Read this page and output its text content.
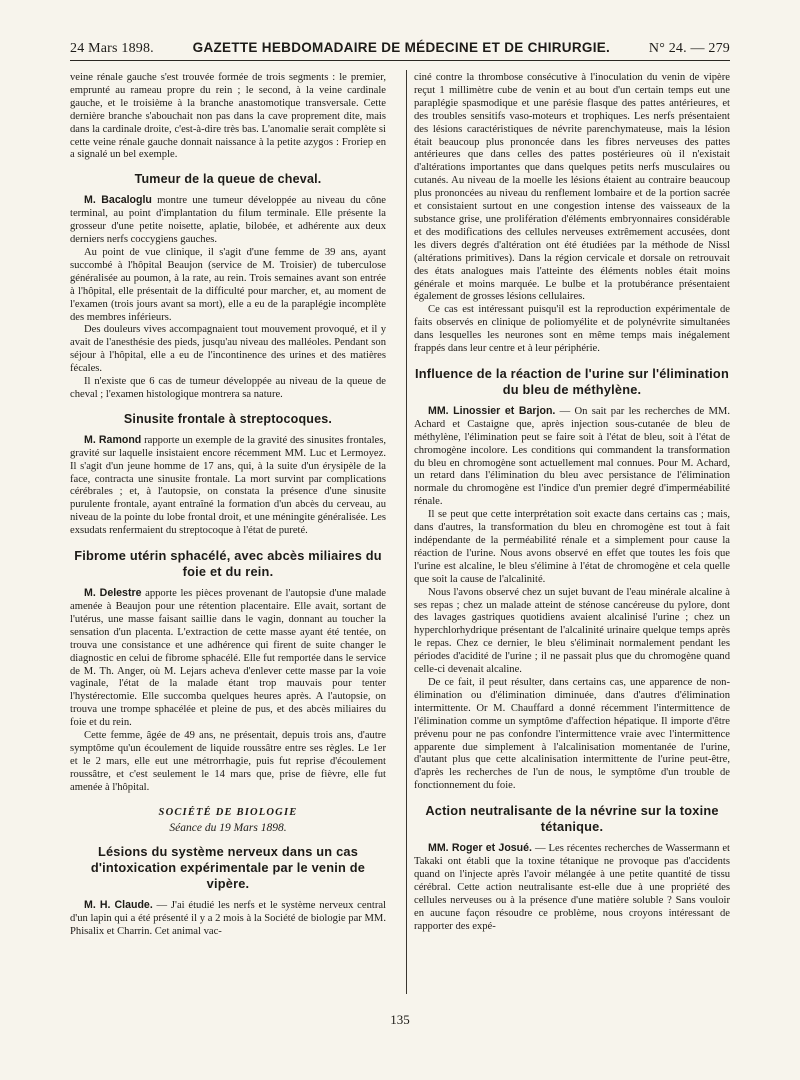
24 Mars 1898.	GAZETTE HEBDOMADAIRE DE MÉDECINE ET DE CHIRURGIE.	N° 24. — 279

veine rénale gauche s'est trouvée formée de trois segments : le premier, emprunté au rameau propre du rein ; le second, à la veine cardinale gauche, et le troisième à la branche anastomotique transversale. Cette dernière branche s'abouchait non pas dans la cave proprement dite, mais dans la cardinale droite, c'est-à-dire très bas. L'anomalie serait complète si cette veine rénale gauche donnait naissance à la petite azygos : Froriep en a signalé un bel exemple.

Tumeur de la queue de cheval.

M. Bacaloglu montre une tumeur développée au niveau du cône terminal, au point d'implantation du filum terminale. Elle présente la grosseur d'une petite noisette, aplatie, bilobée, et adhérente aux deux derniers nerfs coccygiens gauches.

Au point de vue clinique, il s'agit d'une femme de 39 ans, ayant succombé à l'hôpital Beaujon (service de M. Troisier) de tuberculose généralisée au poumon, à la rate, au rein. Trois semaines avant son entrée à l'hôpital, elle présentait de la difficulté pour marcher, et, au moment de l'examen (trois jours avant sa mort), elle a eu de la paraplégie incomplète des membres inférieurs.

Des douleurs vives accompagnaient tout mouvement provoqué, et il y avait de l'anesthésie des pieds, jusqu'au niveau des malléoles. Pendant son séjour à l'hôpital, elle a eu de l'incontinence des urines et des matières fécales.

Il n'existe que 6 cas de tumeur développée au niveau de la queue de cheval ; l'examen histologique montrera sa nature.

Sinusite frontale à streptocoques.

M. Ramond rapporte un exemple de la gravité des sinusites frontales, gravité sur laquelle insistaient encore récemment MM. Luc et Lermoyez. Il s'agit d'un jeune homme de 17 ans, qui, à la suite d'un érysipèle de la face, contracta une sinusite frontale. La mort survint par complications cérébrales ; et, à l'autopsie, on constata la présence d'une sinusite purulente frontale, ayant entraîné la formation d'un abcès du cerveau, au niveau de la pointe du lobe frontal droit, et une méningite généralisée. Les exsudats renfermaient du streptocoque à l'état de pureté.

Fibrome utérin sphacélé, avec abcès miliaires du foie et du rein.

M. Delestre apporte les pièces provenant de l'autopsie d'une malade amenée à Beaujon pour une rétention placentaire. Elle avait, sortant de l'utérus, une masse faisant saillie dans le vagin, donnant au toucher la sensation d'un placenta. L'extraction de cette masse ayant été tentée, on trouva une consistance et une adhérence qui firent de suite changer le diagnostic en celui de fibrome sphacélé. Elle fut remportée dans le service de M. Th. Anger, où M. Lejars acheva d'enlever cette masse par la voie vaginale, l'état de la malade étant trop mauvais pour tenter l'hystérectomie. Elle succomba quelques heures après. A l'autopsie, on trouva une trompe sphacélée et pleine de pus, et des abcès miliaires du foie et du rein.

Cette femme, âgée de 49 ans, ne présentait, depuis trois ans, d'autre symptôme qu'un écoulement de liquide roussâtre entre ses règles. Le 1er et le 2 mars, elle eut une métrorrhagie, puis fut reprise d'écoulement roussâtre, et c'est seulement le 14 mars que, prise de fièvre, elle fut amenée à l'hôpital.

SOCIÉTÉ DE BIOLOGIE
Séance du 19 Mars 1898.
Lésions du système nerveux dans un cas d'intoxication expérimentale par le venin de vipère.

M. H. Claude. — J'ai étudié les nerfs et le système nerveux central d'un lapin qui a été présenté il y a 2 mois à la Société de biologie par MM. Phisalix et Charrin. Cet animal vac-

ciné contre la thrombose consécutive à l'inoculation du venin de vipère reçut 1 millimètre cube de venin et au bout d'un certain temps eut une paraplégie spasmodique et une parésie flasque des pattes antérieures, et des troubles sensitifs vaso-moteurs et trophiques. Les nerfs présentaient des lésions caractéristiques de névrite parenchymateuse, mais la lésion était beaucoup plus prononcée dans les fibres nerveuses des pattes antérieures que dans celles des pattes postérieures où il n'existait d'altérations importantes que dans quelques petits nerfs musculaires ou cutanés. Au niveau de la moelle les lésions étaient au contraire beaucoup plus prononcées au niveau du renflement lombaire et de la portion sacrée et consistaient surtout en une congestion intense des vaisseaux de la substance grise, une prolifération d'éléments embryonnaires considérable et des modifications des cellules nerveuses extrêmement accusées, dont les divers degrés d'altération ont été étudiées par la méthode de Nissl (altérations primitives). Dans la région cervicale et dorsale on retrouvait des états analogues mais l'atteinte des éléments nobles était moins générale et moins marquée. Le bulbe et la protubérance présentaient également de grosses lésions cellulaires.

Ce cas est intéressant puisqu'il est la reproduction expérimentale de faits observés en clinique de poliomyélite et de polynévrite simultanées dans lesquelles les neurones sont en même temps mais inégalement frappés dans leur centre et à leur périphérie.

Influence de la réaction de l'urine sur l'élimination du bleu de méthylène.

MM. Linossier et Barjon. — On sait par les recherches de MM. Achard et Castaigne que, après injection sous-cutanée de bleu de méthylène, l'élimination peut se faire soit à l'état de bleu, soit à l'état de chromogène incolore. Les conditions qui commandent la transformation du bleu en chromogène sont actuellement mal connues. Pour M. Achard, un retard dans l'élimination du bleu avec persistance de l'élimination normale du chromogène est l'indice d'un premier degré d'imperméabilité rénale.

Il se peut que cette interprétation soit exacte dans certains cas ; mais, dans d'autres, la transformation du bleu en chromogène est tout à fait indépendante de la perméabilité rénale et a simplement pour cause la réaction de l'urine. Nous avons observé en effet que toutes les fois que l'urine est alcaline, le bleu s'élimine à l'état de chromogène et cela quelle que soit la cause de l'alcalinité.

Nous l'avons observé chez un sujet buvant de l'eau minérale alcaline à ses repas ; chez un malade atteint de sténose cancéreuse du pylore, dont des lavages gastriques quotidiens avaient alcalinisé l'urine ; chez un hyperchlorhydrique présentant de l'alcalinité urinaire quelque temps après le repas. Chez ce dernier, le bleu s'éliminait normalement pendant les périodes d'acidité de l'urine ; il ne passait plus que du chromogène quand celle-ci devenait alcaline.

De ce fait, il peut résulter, dans certains cas, une apparence de non-élimination ou d'élimination diminuée, dans d'autres d'élimination intermittente. Or M. Chauffard a donné récemment l'intermittence de l'élimination comme un symptôme d'affection hépatique. Il importe d'être prévenu pour ne pas confondre l'intermittence vraie avec l'intermittence apparente due simplement à l'alcalinisation momentanée de l'urine, d'autant plus que cette alcalinisation intermittente de l'urine peut-être, d'après les recherches de l'un de nous, le symptôme d'un trouble de fonctionnement du foie.

Action neutralisante de la névrine sur la toxine tétanique.

MM. Roger et Josué. — Les récentes recherches de Wassermann et Takaki ont établi que la toxine tétanique ne provoque pas d'accidents quand on l'injecte après l'avoir mélangée à une petite quantité de tissu cérébral. Cette action neutralisante est-elle due à une propriété des cellules nerveuses ou à la présence d'une matière soluble ? Sans vouloir en aucune façon résoudre ce problème, nous croyons intéressant de rapporter des expé-

135
